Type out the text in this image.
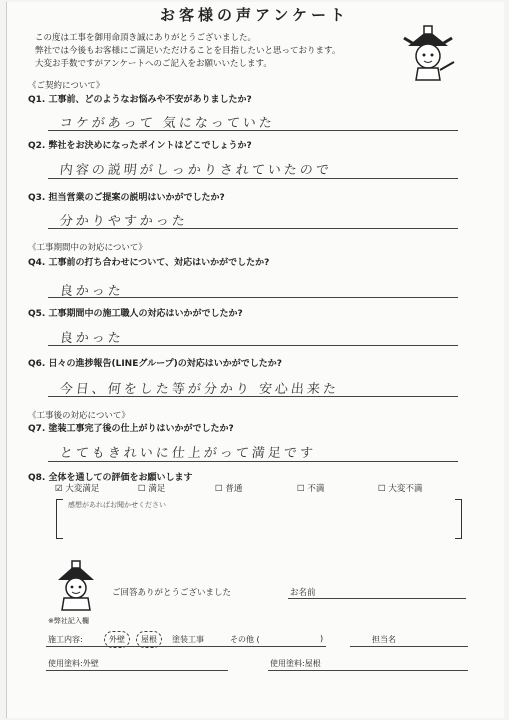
お客様の声アンケート
この度は工事を御用命頂き誠にありがとうございました。
弊社では今後もお客様にご満足いただけることを目指したいと思っております。
大変お手数ですがアンケートへのご記入をお願いいたします。
《ご契約について》
Q1. 工事前、どのようなお悩みや不安がありましたか?
コケがあって 気になっていた
Q2. 弊社をお決めになったポイントはどこでしょうか?
内容の説明がしっかりされていたので
Q3. 担当営業のご提案の説明はいかがでしたか?
分かりやすかった
《工事期間中の対応について》
Q4. 工事前の打ち合わせについて、対応はいかがでしたか?
良かった
Q5. 工事期間中の施工職人の対応はいかがでしたか?
良かった
Q6. 日々の進捗報告(LINEグループ)の対応はいかがでしたか?
今日、何をした等が分かり 安心出来た
《工事後の対応について》
Q7. 塗装工事完了後の仕上がりはいかがでしたか?
とてもきれいに仕上がって満足です
Q8. 全体を通しての評価をお願いします
☑ 大変満足	☐ 満足	☐ 普通	☐ 不満	☐ 大変不満
感想があればお聞かせください
ご回答ありがとうございました	お名前
※弊社記入欄
施工内容:	外壁	屋根	塗装工事	その他 (	)	担当名
使用塗料:外壁	使用塗料:屋根
